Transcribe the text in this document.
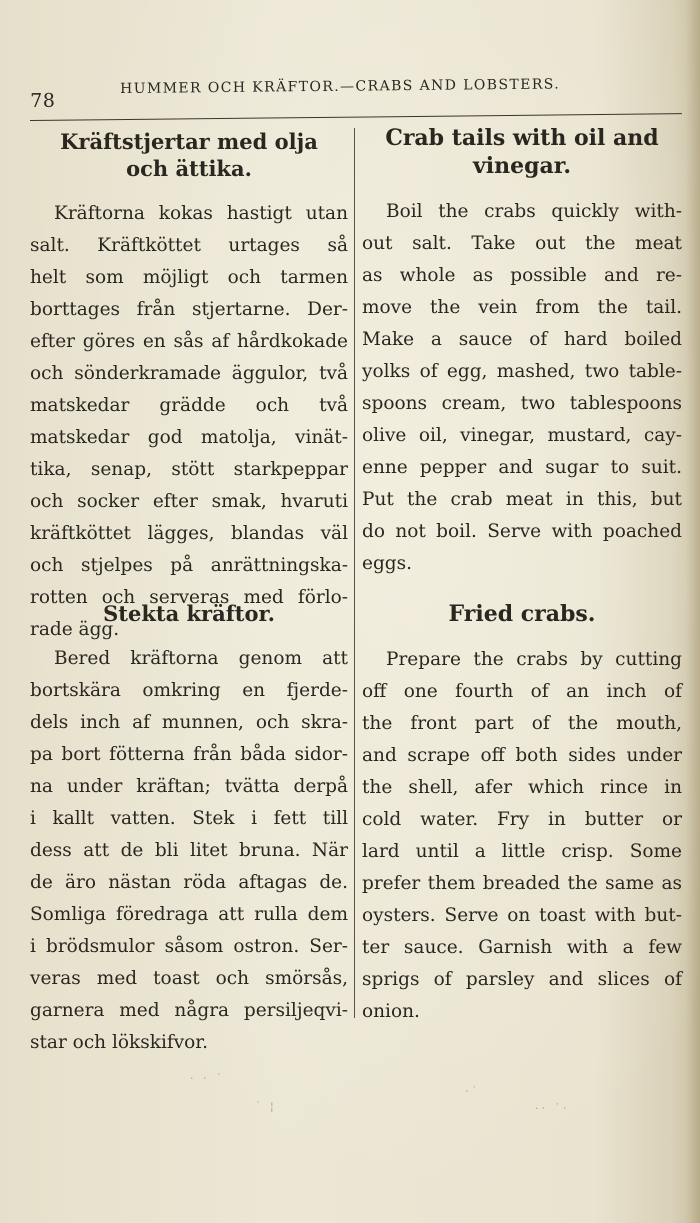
78
HUMMER OCH KRÄFTOR.—CRABS AND LOBSTERS.
Kräftstjertar med olja
och ättika.
Kräftorna kokas hastigt utan
salt. Kräftköttet urtages så
helt som möjligt och tarmen
borttages från stjertarne. Der-
efter göres en sås af hårdkokade
och sönderkramade äggulor, två
matskedar grädde och två
matskedar god matolja, vinät-
tika, senap, stött starkpeppar
och socker efter smak, hvaruti
kräftköttet lägges, blandas väl
och stjelpes på anrättningska-
rotten och serveras med förlo-
rade ägg.
Stekta kräftor.
Bered kräftorna genom att
bortskära omkring en fjerde-
dels inch af munnen, och skra-
pa bort fötterna från båda sidor-
na under kräftan; tvätta derpå
i kallt vatten. Stek i fett till
dess att de bli litet bruna. När
de äro nästan röda aftagas de.
Somliga föredraga att rulla dem
i brödsmulor såsom ostron. Ser-
veras med toast och smörsås,
garnera med några persiljeqvi-
star och lökskifvor.
Crab tails with oil and
vinegar.
Boil the crabs quickly with-
out salt. Take out the meat
as whole as possible and re-
move the vein from the tail.
Make a sauce of hard boiled
yolks of egg, mashed, two table-
spoons cream, two tablespoons
olive oil, vinegar, mustard, cay-
enne pepper and sugar to suit.
Put the crab meat in this, but
do not boil. Serve with poached
eggs.
Fried crabs.
Prepare the crabs by cutting
off one fourth of an inch of
the front part of the mouth,
and scrape off both sides under
the shell, afer which rince in
cold water. Fry in butter or
lard until a little crisp. Some
prefer them breaded the same as
oysters. Serve on toast with but-
ter sauce. Garnish with a few
sprigs of parsley and slices of
onion.
· ‧ ˙
˙ ¦
‧˙
·‧ ˙‧
